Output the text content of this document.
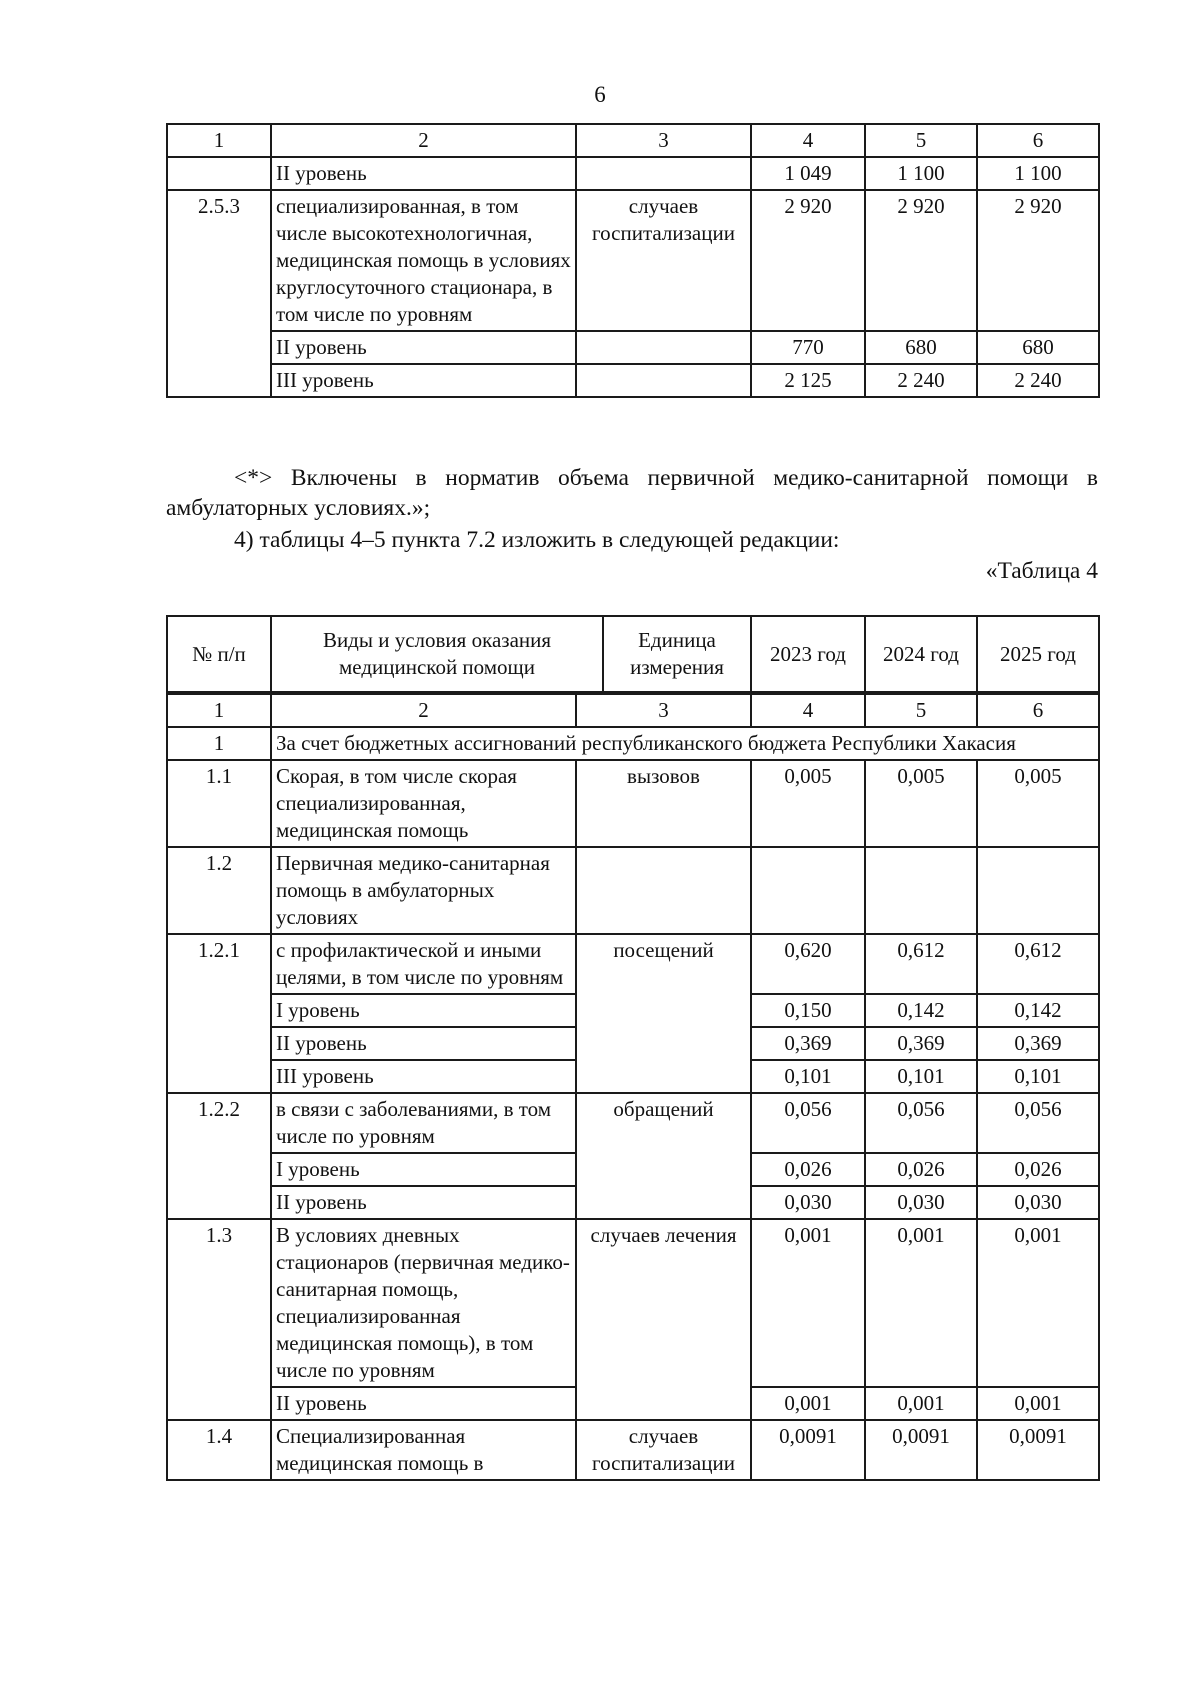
6
1	2	3	4	5	6
	II уровень		1 049	1 100	1 100
2.5.3	специализированная, в том числе высокотехнологичная, медицинская помощь в условиях круглосуточного стационара, в том числе по уровням	случаев госпитализации	2 920	2 920	2 920
	II уровень		770	680	680
	III уровень		2 125	2 240	2 240
<*> Включены в норматив объема первичной медико-санитарной помощи в амбулаторных условиях.»;
4) таблицы 4–5 пункта 7.2 изложить в следующей редакции:
«Таблица 4
№ п/п	Виды и условия оказания медицинской помощи	Единица измерения	2023 год	2024 год	2025 год
1	2	3	4	5	6
1	За счет бюджетных ассигнований республиканского бюджета Республики Хакасия				
1.1	Скорая, в том числе скорая специализированная, медицинская помощь	вызовов	0,005	0,005	0,005
1.2	Первичная медико-санитарная помощь в амбулаторных условиях				
1.2.1	с профилактической и иными целями, в том числе по уровням	посещений	0,620	0,612	0,612
	I уровень		0,150	0,142	0,142
	II уровень		0,369	0,369	0,369
	III уровень		0,101	0,101	0,101
1.2.2	в связи с заболеваниями, в том числе по уровням	обращений	0,056	0,056	0,056
	I уровень		0,026	0,026	0,026
	II уровень		0,030	0,030	0,030
1.3	В условиях дневных стационаров (первичная медико-санитарная помощь, специализированная медицинская помощь), в том числе по уровням	случаев лечения	0,001	0,001	0,001
	II уровень		0,001	0,001	0,001
1.4	Специализированная медицинская помощь в	случаев госпитализации	0,0091	0,0091	0,0091
